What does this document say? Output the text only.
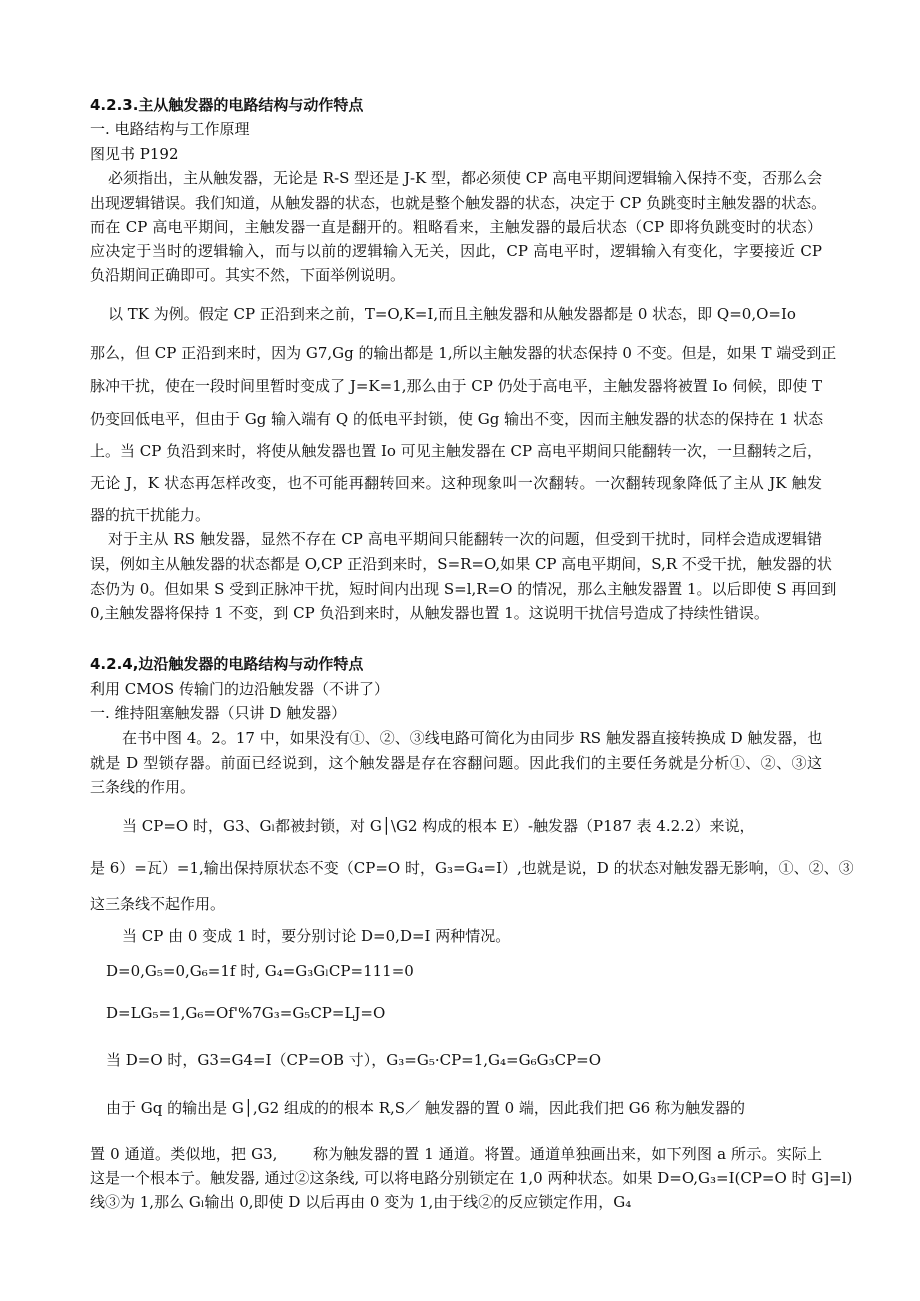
4.2.3.主从触发器的电路结构与动作特点
一. 电路结构与工作原理
图见书 P192
必须指出，主从触发器，无论是 R-S 型还是 J-K 型，都必须使 CP 高电平期间逻辑输入保持不变，否那么会
出现逻辑错误。我们知道，从触发器的状态，也就是整个触发器的状态，决定于 CP 负跳变时主触发器的状态。
而在 CP 高电平期间，主触发器一直是翻开的。粗略看来，主触发器的最后状态（CP 即将负跳变时的状态）
应决定于当时的逻辑输入，而与以前的逻辑输入无关，因此，CP 高电平时，逻辑输入有变化，字要接近 CP
负沿期间正确即可。其实不然，下面举例说明。
以 TK 为例。假定 CP 正沿到来之前，T=O,K=I,而且主触发器和从触发器都是 0 状态，即 Q=0,O=Io
那么，但 CP 正沿到来时，因为 G7,Gg 的输出都是 1,所以主触发器的状态保持 0 不变。但是，如果 T 端受到正
脉冲干扰，使在一段时间里暂时变成了 J=K=1,那么由于 CP 仍处于高电平，主触发器将被置 Io 伺候，即使 T
仍变回低电平，但由于 Gg 输入端有 Q 的低电平封锁，使 Gg 输出不变，因而主触发器的状态的保持在 1 状态
上。当 CP 负沿到来时，将使从触发器也置 Io 可见主触发器在 CP 高电平期间只能翻转一次，一旦翻转之后，
无论 J，K 状态再怎样改变，也不可能再翻转回来。这种现象叫一次翻转。一次翻转现象降低了主从 JK 触发
器的抗干扰能力。
对于主从 RS 触发器，显然不存在 CP 高电平期间只能翻转一次的问题，但受到干扰时，同样会造成逻辑错
误，例如主从触发器的状态都是 O,CP 正沿到来时，S=R=O,如果 CP 高电平期间，S,R 不受干扰，触发器的状
态仍为 0。但如果 S 受到正脉冲干扰，短时间内出现 S=l,R=O 的情况，那么主触发器置 1。以后即使 S 再回到
0,主触发器将保持 1 不变，到 CP 负沿到来时，从触发器也置 1。这说明干扰信号造成了持续性错误。
4.2.4,边沿触发器的电路结构与动作特点
利用 CMOS 传输门的边沿触发器（不讲了）
一. 维持阻塞触发器（只讲 D 触发器）
在书中图 4。2。17 中，如果没有①、②、③线电路可简化为由同步 RS 触发器直接转换成 D 触发器，也
就是 D 型锁存器。前面已经说到，这个触发器是存在容翻问题。因此我们的主要任务就是分析①、②、③这
三条线的作用。
当 CP=O 时，G3、Gₗ都被封锁，对 G│\G2 构成的根本 E）-触发器（P187 表 4.2.2）来说，
是 6）=瓦）=1,输出保持原状态不变（CP=O 时，G₃=G₄=I）,也就是说，D 的状态对触发器无影响，①、②、③
这三条线不起作用。
当 CP 由 0 变成 1 时，要分别讨论 D=0,D=I 两种情况。
D=0,G₅=0,G₆=1f 时, G₄=G₃GₗCP=111=0
D=LG₅=1,G₆=Of'%7G₃=G₅CP=LJ=O
当 D=O 时，G3=G4=I（CP=OB 寸），G₃=G₅·CP=1,G₄=G₆G₃CP=O
由于 Gq 的输出是 G│,G2 组成的的根本 R,S／ 触发器的置 0 端，因此我们把 G6 称为触发器的
置 0 通道。类似地，把 G3,　　 称为触发器的置 1 通道。将置。通道单独画出来，如下列图 a 所示。实际上
这是一个根本亍。触发器, 通过②这条线, 可以将电路分别锁定在 1,0 两种状态。如果 D=O,G₃=I(CP=O 时 G]=l)
线③为 1,那么 Gₗ输出 0,即使 D 以后再由 0 变为 1,由于线②的反应锁定作用，G₄
